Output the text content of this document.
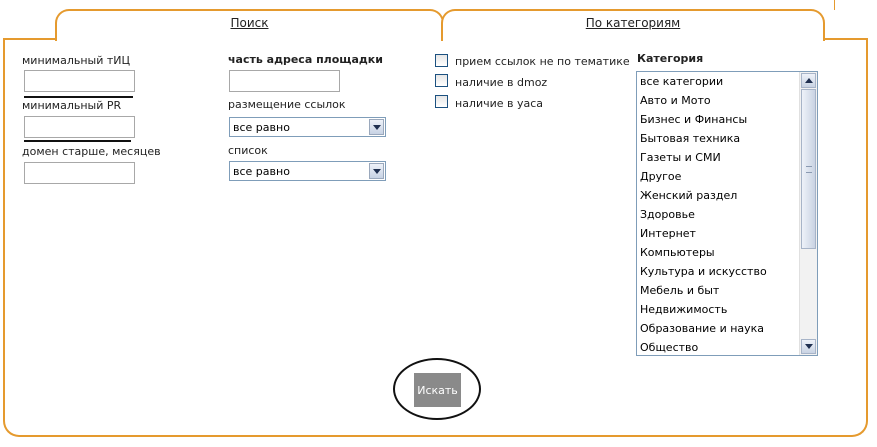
Поиск	По категориям
минимальный тИЦ
минимальный PR
домен старше, месяцев
часть адреса площадки
размещение ссылок
все равно
список
все равно
прием ссылок не по тематике
наличие в dmoz
наличие в yaca
Категория
все категории
Авто и Мото
Бизнес и Финансы
Бытовая техника
Газеты и СМИ
Другое
Женский раздел
Здоровье
Интернет
Компьютеры
Культура и искусство
Мебель и быт
Недвижимость
Образование и наука
Общество
Искать
